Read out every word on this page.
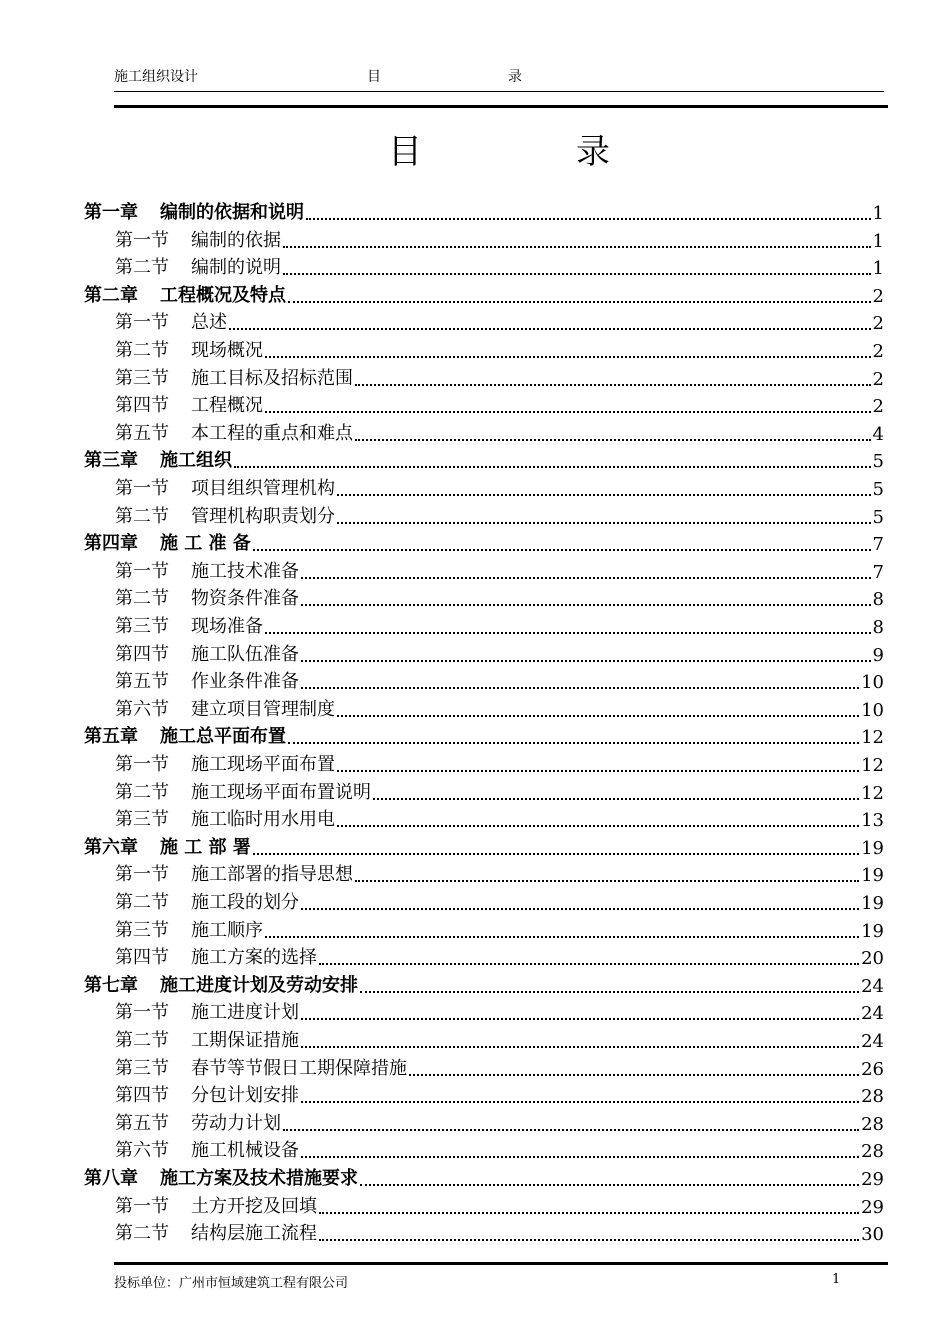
施工组织设计	目	录
目	录
第一章 编制的依据和说明	1
第一节 编制的依据	1
第二节 编制的说明	1
第二章 工程概况及特点	2
第一节 总述	2
第二节 现场概况	2
第三节 施工目标及招标范围	2
第四节 工程概况	2
第五节 本工程的重点和难点	4
第三章 施工组织	5
第一节 项目组织管理机构	5
第二节 管理机构职责划分	5
第四章 施 工 准 备	7
第一节 施工技术准备	7
第二节 物资条件准备	8
第三节 现场准备	8
第四节 施工队伍准备	9
第五节 作业条件准备	10
第六节 建立项目管理制度	10
第五章 施工总平面布置	12
第一节 施工现场平面布置	12
第二节 施工现场平面布置说明	12
第三节 施工临时用水用电	13
第六章 施 工 部 署	19
第一节 施工部署的指导思想	19
第二节 施工段的划分	19
第三节 施工顺序	19
第四节 施工方案的选择	20
第七章 施工进度计划及劳动安排	24
第一节 施工进度计划	24
第二节 工期保证措施	24
第三节 春节等节假日工期保障措施	26
第四节 分包计划安排	28
第五节 劳动力计划	28
第六节 施工机械设备	28
第八章 施工方案及技术措施要求	29
第一节 土方开挖及回填	29
第二节 结构层施工流程	30
投标单位：广州市恒域建筑工程有限公司	1
